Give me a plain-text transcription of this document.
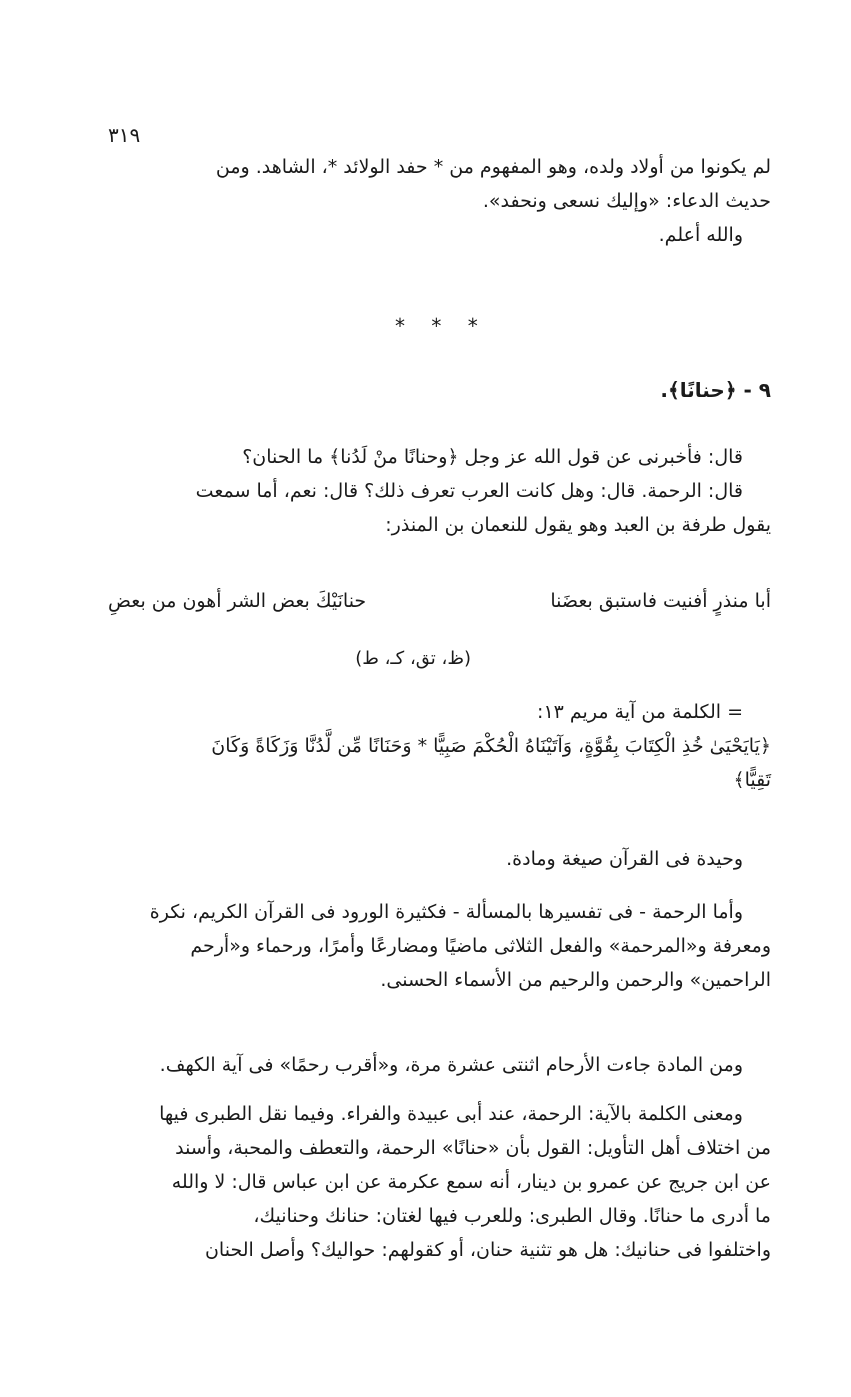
٣١٩
لم يكونوا من أولاد ولده، وهو المفهوم من * حفد الولائد *، الشاهد. ومن
حديث الدعاء: «وإليك نسعى ونحفد».
والله أعلم.
* * *
٩ - ﴿حنانًا﴾.
قال: فأخبرنى عن قول الله عز وجل ﴿وحنانًا منْ لَدُنا﴾ ما الحنان؟
قال: الرحمة. قال: وهل كانت العرب تعرف ذلك؟ قال: نعم، أما سمعت
يقول طرفة بن العبد وهو يقول للنعمان بن المنذر:
أبا منذرٍ أفنيت فاستبق بعضَنا
حنانَيْكَ بعض الشر أهون من بعضِ
(ظ، تق، كـ، ط)
= الكلمة من آية مريم ١٣:
﴿يَايَحْيَىٰ خُذِ الْكِتَابَ بِقُوَّةٍ، وَآتَيْنَاهُ الْحُكْمَ صَبِيًّا * وَحَنَانًا مِّن لَّدُنَّا وَزَكَاةً وَكَانَ
تَقِيًّا﴾
وحيدة فى القرآن صيغة ومادة.
وأما الرحمة - فى تفسيرها بالمسألة - فكثيرة الورود فى القرآن الكريم، نكرة
ومعرفة و«المرحمة» والفعل الثلاثى ماضيًا ومضارعًا وأمرًا، ورحماء و«أرحم
الراحمين» والرحمن والرحيم من الأسماء الحسنى.
ومن المادة جاءت الأرحام اثنتى عشرة مرة، و«أقرب رحمًا» فى آية الكهف.
ومعنى الكلمة بالآية: الرحمة، عند أبى عبيدة والفراء. وفيما نقل الطبرى فيها
من اختلاف أهل التأويل: القول بأن «حنانًا» الرحمة، والتعطف والمحبة، وأسند
عن ابن جريج عن عمرو بن دينار، أنه سمع عكرمة عن ابن عباس قال: لا والله
ما أدرى ما حنانًا. وقال الطبرى: وللعرب فيها لغتان: حنانك وحنانيك،
واختلفوا فى حنانيك: هل هو تثنية حنان، أو كقولهم: حواليك؟ وأصل الحنان
